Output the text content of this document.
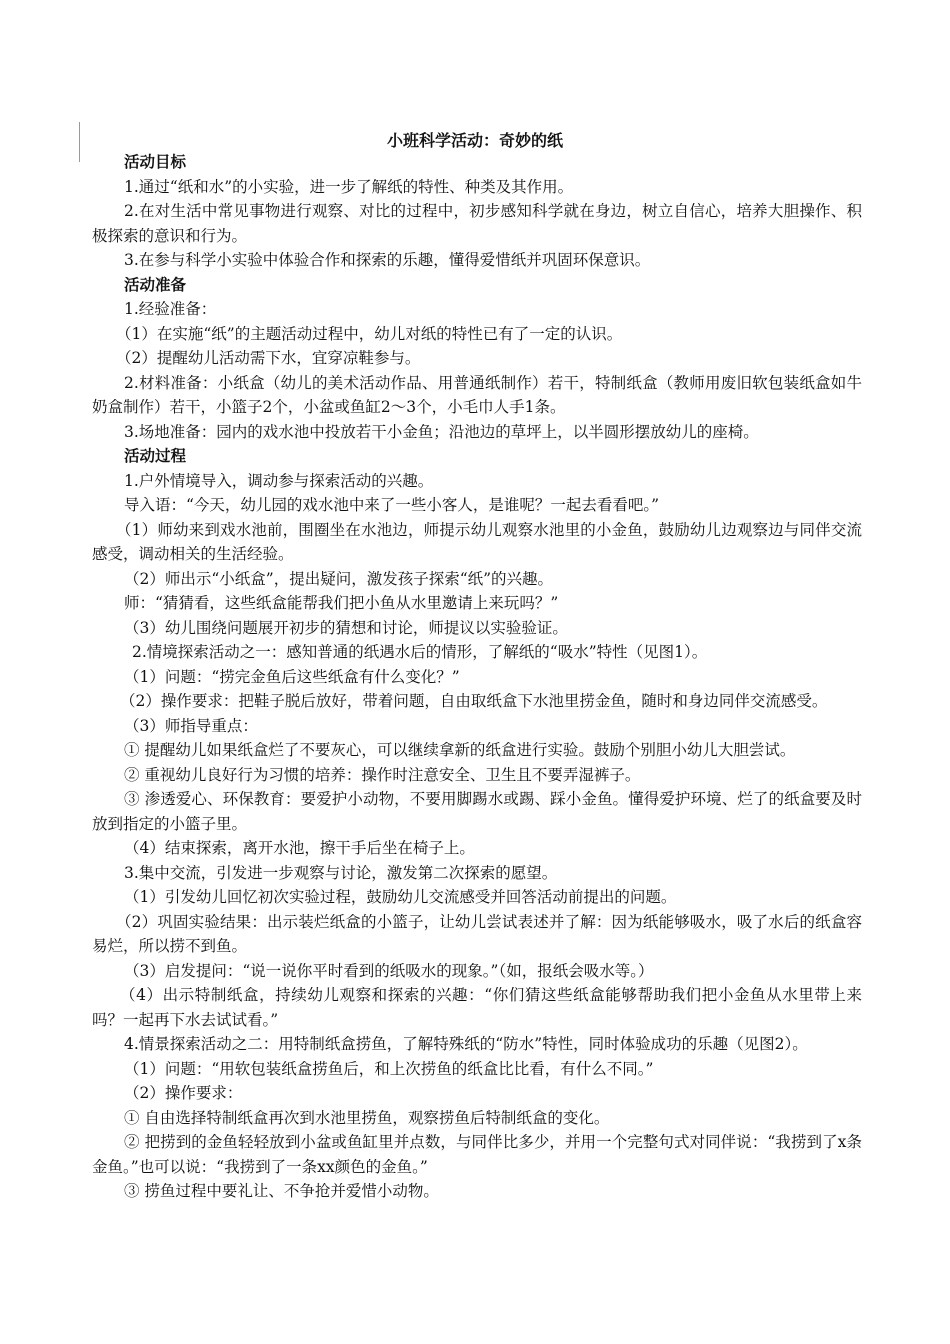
小班科学活动：奇妙的纸

活动目标

1.通过“纸和水”的小实验，进一步了解纸的特性、种类及其作用。

2.在对生活中常见事物进行观察、对比的过程中，初步感知科学就在身边，树立自信心，培养大胆操作、积极探索的意识和行为。

3.在参与科学小实验中体验合作和探索的乐趣，懂得爱惜纸并巩固环保意识。

活动准备

1.经验准备：

（1）在实施“纸”的主题活动过程中，幼儿对纸的特性已有了一定的认识。

（2）提醒幼儿活动需下水，宜穿凉鞋参与。

2.材料准备：小纸盒（幼儿的美术活动作品、用普通纸制作）若干，特制纸盒（教师用废旧软包装纸盒如牛奶盒制作）若干，小篮子2个，小盆或鱼缸2～3个，小毛巾人手1条。

3.场地准备：园内的戏水池中投放若干小金鱼；沿池边的草坪上，以半圆形摆放幼儿的座椅。

活动过程

1.户外情境导入，调动参与探索活动的兴趣。

导入语：“今天，幼儿园的戏水池中来了一些小客人，是谁呢？一起去看看吧。”

（1）师幼来到戏水池前，围圈坐在水池边，师提示幼儿观察水池里的小金鱼，鼓励幼儿边观察边与同伴交流感受，调动相关的生活经验。

（2）师出示“小纸盒”，提出疑问，激发孩子探索“纸”的兴趣。

师：“猜猜看，这些纸盒能帮我们把小鱼从水里邀请上来玩吗？”

（3）幼儿围绕问题展开初步的猜想和讨论，师提议以实验验证。

2.情境探索活动之一：感知普通的纸遇水后的情形，了解纸的“吸水”特性（见图1）。

（1）问题：“捞完金鱼后这些纸盒有什么变化？”

（2）操作要求：把鞋子脱后放好，带着问题，自由取纸盒下水池里捞金鱼，随时和身边同伴交流感受。

（3）师指导重点：

① 提醒幼儿如果纸盒烂了不要灰心，可以继续拿新的纸盒进行实验。鼓励个别胆小幼儿大胆尝试。

② 重视幼儿良好行为习惯的培养：操作时注意安全、卫生且不要弄湿裤子。

③ 渗透爱心、环保教育：要爱护小动物，不要用脚踢水或踢、踩小金鱼。懂得爱护环境、烂了的纸盒要及时放到指定的小篮子里。

（4）结束探索，离开水池，擦干手后坐在椅子上。

3.集中交流，引发进一步观察与讨论，激发第二次探索的愿望。

（1）引发幼儿回忆初次实验过程，鼓励幼儿交流感受并回答活动前提出的问题。

（2）巩固实验结果：出示装烂纸盒的小篮子，让幼儿尝试表述并了解：因为纸能够吸水，吸了水后的纸盒容易烂，所以捞不到鱼。

（3）启发提问：“说一说你平时看到的纸吸水的现象。”（如，报纸会吸水等。）

（4）出示特制纸盒，持续幼儿观察和探索的兴趣：“你们猜这些纸盒能够帮助我们把小金鱼从水里带上来吗？一起再下水去试试看。”

4.情景探索活动之二：用特制纸盒捞鱼，了解特殊纸的“防水”特性，同时体验成功的乐趣（见图2）。

（1）问题：“用软包装纸盒捞鱼后，和上次捞鱼的纸盒比比看，有什么不同。”

（2）操作要求：

① 自由选择特制纸盒再次到水池里捞鱼，观察捞鱼后特制纸盒的变化。

② 把捞到的金鱼轻轻放到小盆或鱼缸里并点数，与同伴比多少，并用一个完整句式对同伴说：“我捞到了x条金鱼。”也可以说：“我捞到了一条xx颜色的金鱼。”

③ 捞鱼过程中要礼让、不争抢并爱惜小动物。
